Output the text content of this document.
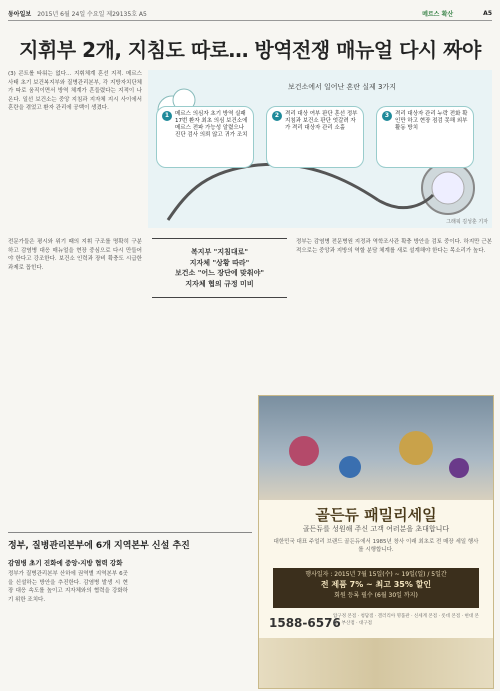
동아일보 2015년 6월 24일 수요일 제29135호 A5	메르스 확산	A5
지휘부 2개, 지침도 따로… 방역전쟁 매뉴얼 다시 짜야
보건소에서 일어난 혼란 실제 3가지
1	메르스 의심자 초기 방역 실패 17번 환자 최초 의심 보건소에 메르스 전파 가능성 알렸으나 진단 검사 의뢰 않고 귀가 조치
2	격리 대상 여부 판단 혼선 정부 지침과 보건소 판단 엇갈려 자가 격리 대상자 관리 소홀
3	격리 대상자 관리 누락 전화 확인만 하고 현장 점검 못해 외부 활동 방치
그래픽 김성훈 기자
(3) 콘트롤 타워는 없다… 지휘체계 혼선 지적. 메르스 사태 초기 보건복지부와 질병관리본부, 각 지방자치단체가 따로 움직이면서 방역 체계가 흔들렸다는 지적이 나온다. 일선 보건소는 중앙 지침과 지자체 지시 사이에서 혼란을 겪었고 환자 관리에 공백이 생겼다.
전문가들은 평시와 위기 때의 지휘 구조를 명확히 구분하고 감염병 대응 매뉴얼을 현장 중심으로 다시 만들어야 한다고 강조한다. 보건소 인력과 장비 확충도 시급한 과제로 꼽힌다.
복지부 "지침대로"
지자체 "상황 따라"
보건소 "어느 장단에 맞춰야"
지자체 협의 규정 미비
정부는 감염병 전문병원 지정과 역학조사관 확충 방안을 검토 중이다. 하지만 근본적으로는 중앙과 지방의 역할 분담 체계를 새로 설계해야 한다는 목소리가 높다.
정부, 질병관리본부에 6개 지역본부 신설 추진
감염병 초기 진화에 중앙-지방 협력 강화
정부가 질병관리본부 산하에 권역별 지역본부 6곳을 신설하는 방안을 추진한다. 감염병 발생 시 현장 대응 속도를 높이고 지자체와의 협력을 강화하기 위한 조치다.
골든듀 패밀리세일
골든듀를 성원해 주신 고객 여러분을 초대합니다
대한민국 대표 주얼리 브랜드 골든듀에서 1985년 창사 이래 최초로 전 매장 세일 행사를 시행합니다.
행사일자 : 2015년 7월 15일(수) ~ 19일(일) / 5일간
전 제품 7% ~ 최고 35% 할인
회원 등록 필수 (6월 30일 까지)
1588-6576
압구정 본점 · 청담점 · 갤러리아 명품관 · 신세계 본점 · 롯데 본점 · 현대 본점 · 부산점 · 대구점
